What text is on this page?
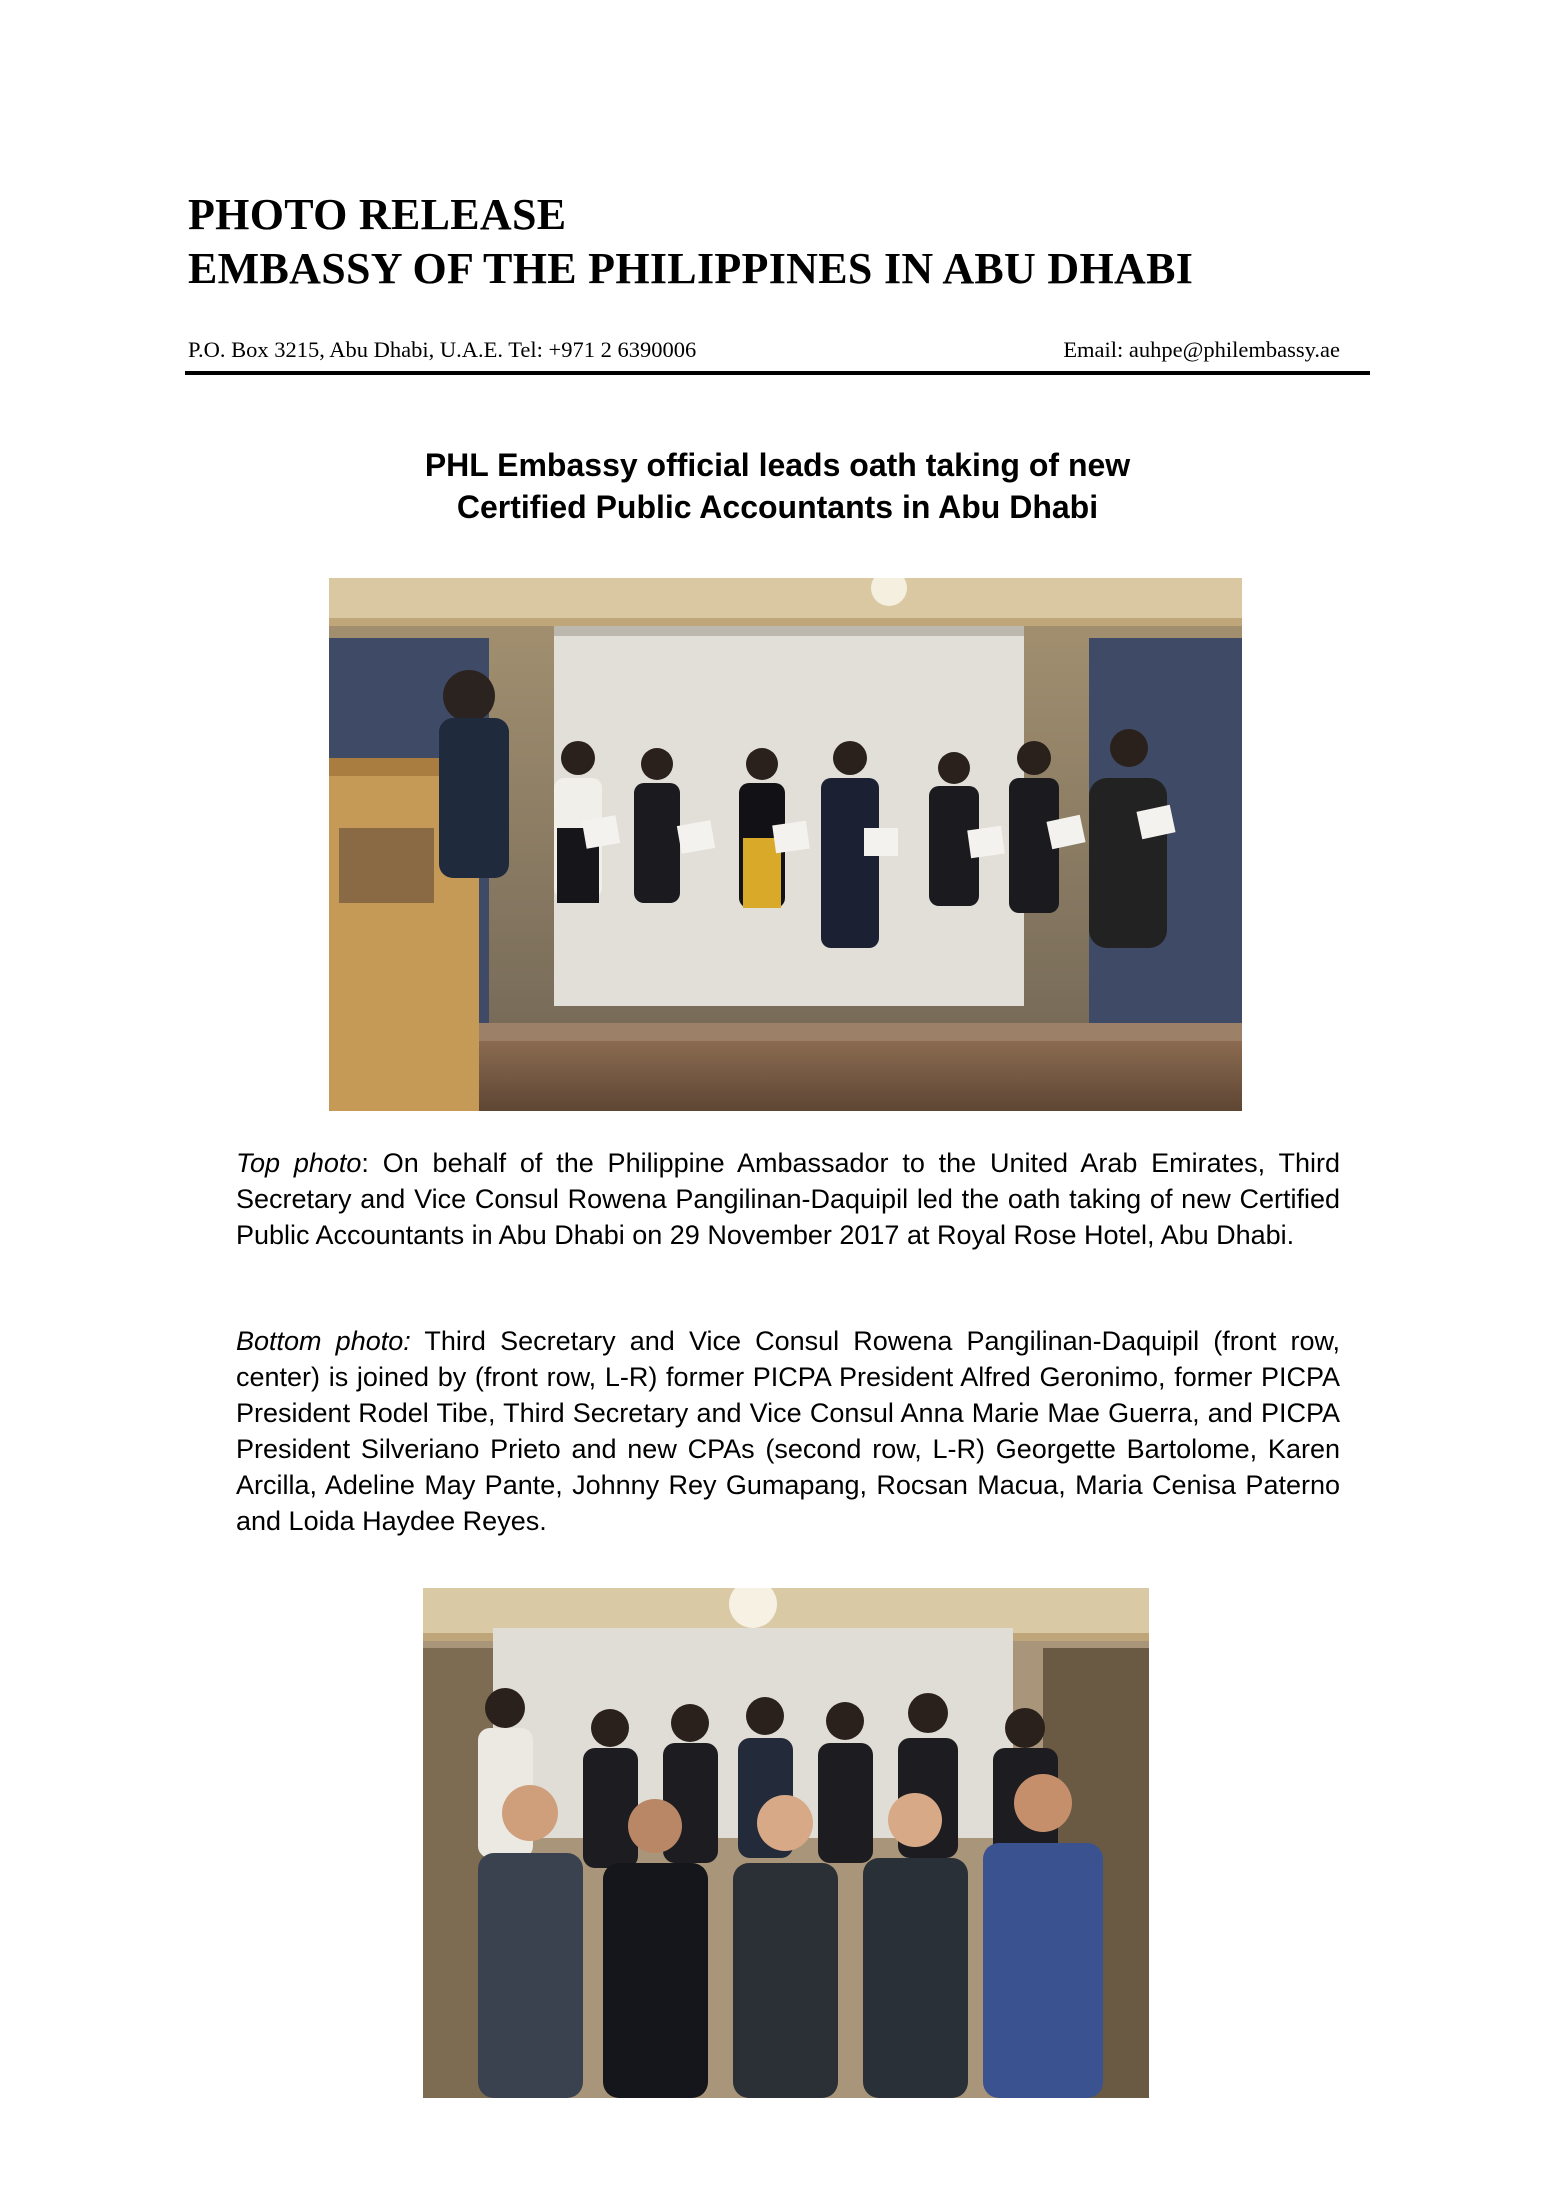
PHOTO RELEASE
EMBASSY OF THE PHILIPPINES IN ABU DHABI
P.O. Box 3215, Abu Dhabi, U.A.E. Tel: +971 2 6390006	Email: auhpe@philembassy.ae
PHL Embassy official leads oath taking of new
Certified Public Accountants in Abu Dhabi
Top photo: On behalf of the Philippine Ambassador to the United Arab Emirates, Third Secretary and Vice Consul Rowena Pangilinan-Daquipil led the oath taking of new Certified Public Accountants in Abu Dhabi on 29 November 2017 at Royal Rose Hotel, Abu Dhabi.
Bottom photo: Third Secretary and Vice Consul Rowena Pangilinan-Daquipil (front row, center) is joined by (front row, L-R) former PICPA President Alfred Geronimo, former PICPA President Rodel Tibe, Third Secretary and Vice Consul Anna Marie Mae Guerra, and PICPA President Silveriano Prieto and new CPAs (second row, L-R) Georgette Bartolome, Karen Arcilla, Adeline May Pante, Johnny Rey Gumapang, Rocsan Macua, Maria Cenisa Paterno and Loida Haydee Reyes.
